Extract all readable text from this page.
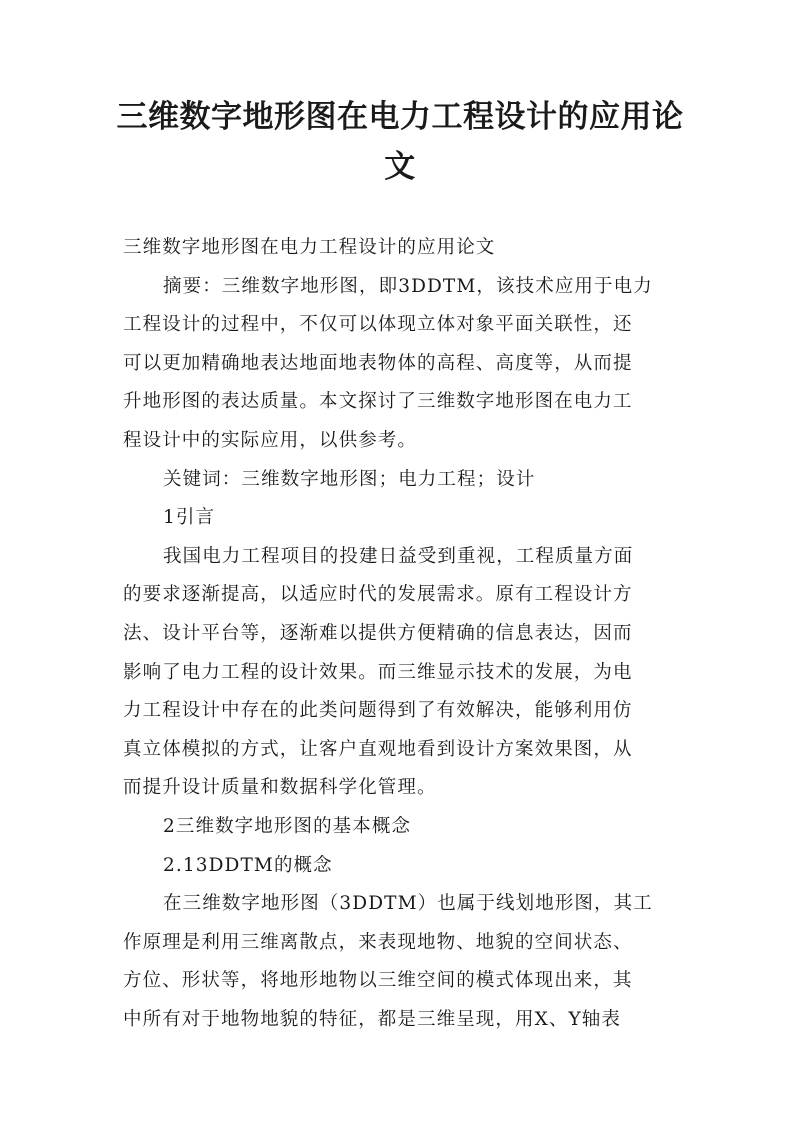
三维数字地形图在电力工程设计的应用论
文
三维数字地形图在电力工程设计的应用论文
摘要：三维数字地形图，即3DDTM，该技术应用于电力
工程设计的过程中，不仅可以体现立体对象平面关联性，还
可以更加精确地表达地面地表物体的高程、高度等，从而提
升地形图的表达质量。本文探讨了三维数字地形图在电力工
程设计中的实际应用，以供参考。
关键词：三维数字地形图；电力工程；设计
1引言
我国电力工程项目的投建日益受到重视，工程质量方面
的要求逐渐提高，以适应时代的发展需求。原有工程设计方
法、设计平台等，逐渐难以提供方便精确的信息表达，因而
影响了电力工程的设计效果。而三维显示技术的发展，为电
力工程设计中存在的此类问题得到了有效解决，能够利用仿
真立体模拟的方式，让客户直观地看到设计方案效果图，从
而提升设计质量和数据科学化管理。
2三维数字地形图的基本概念
2.13DDTM的概念
在三维数字地形图（3DDTM）也属于线划地形图，其工
作原理是利用三维离散点，来表现地物、地貌的空间状态、
方位、形状等，将地形地物以三维空间的模式体现出来，其
中所有对于地物地貌的特征，都是三维呈现，用X、Y轴表
